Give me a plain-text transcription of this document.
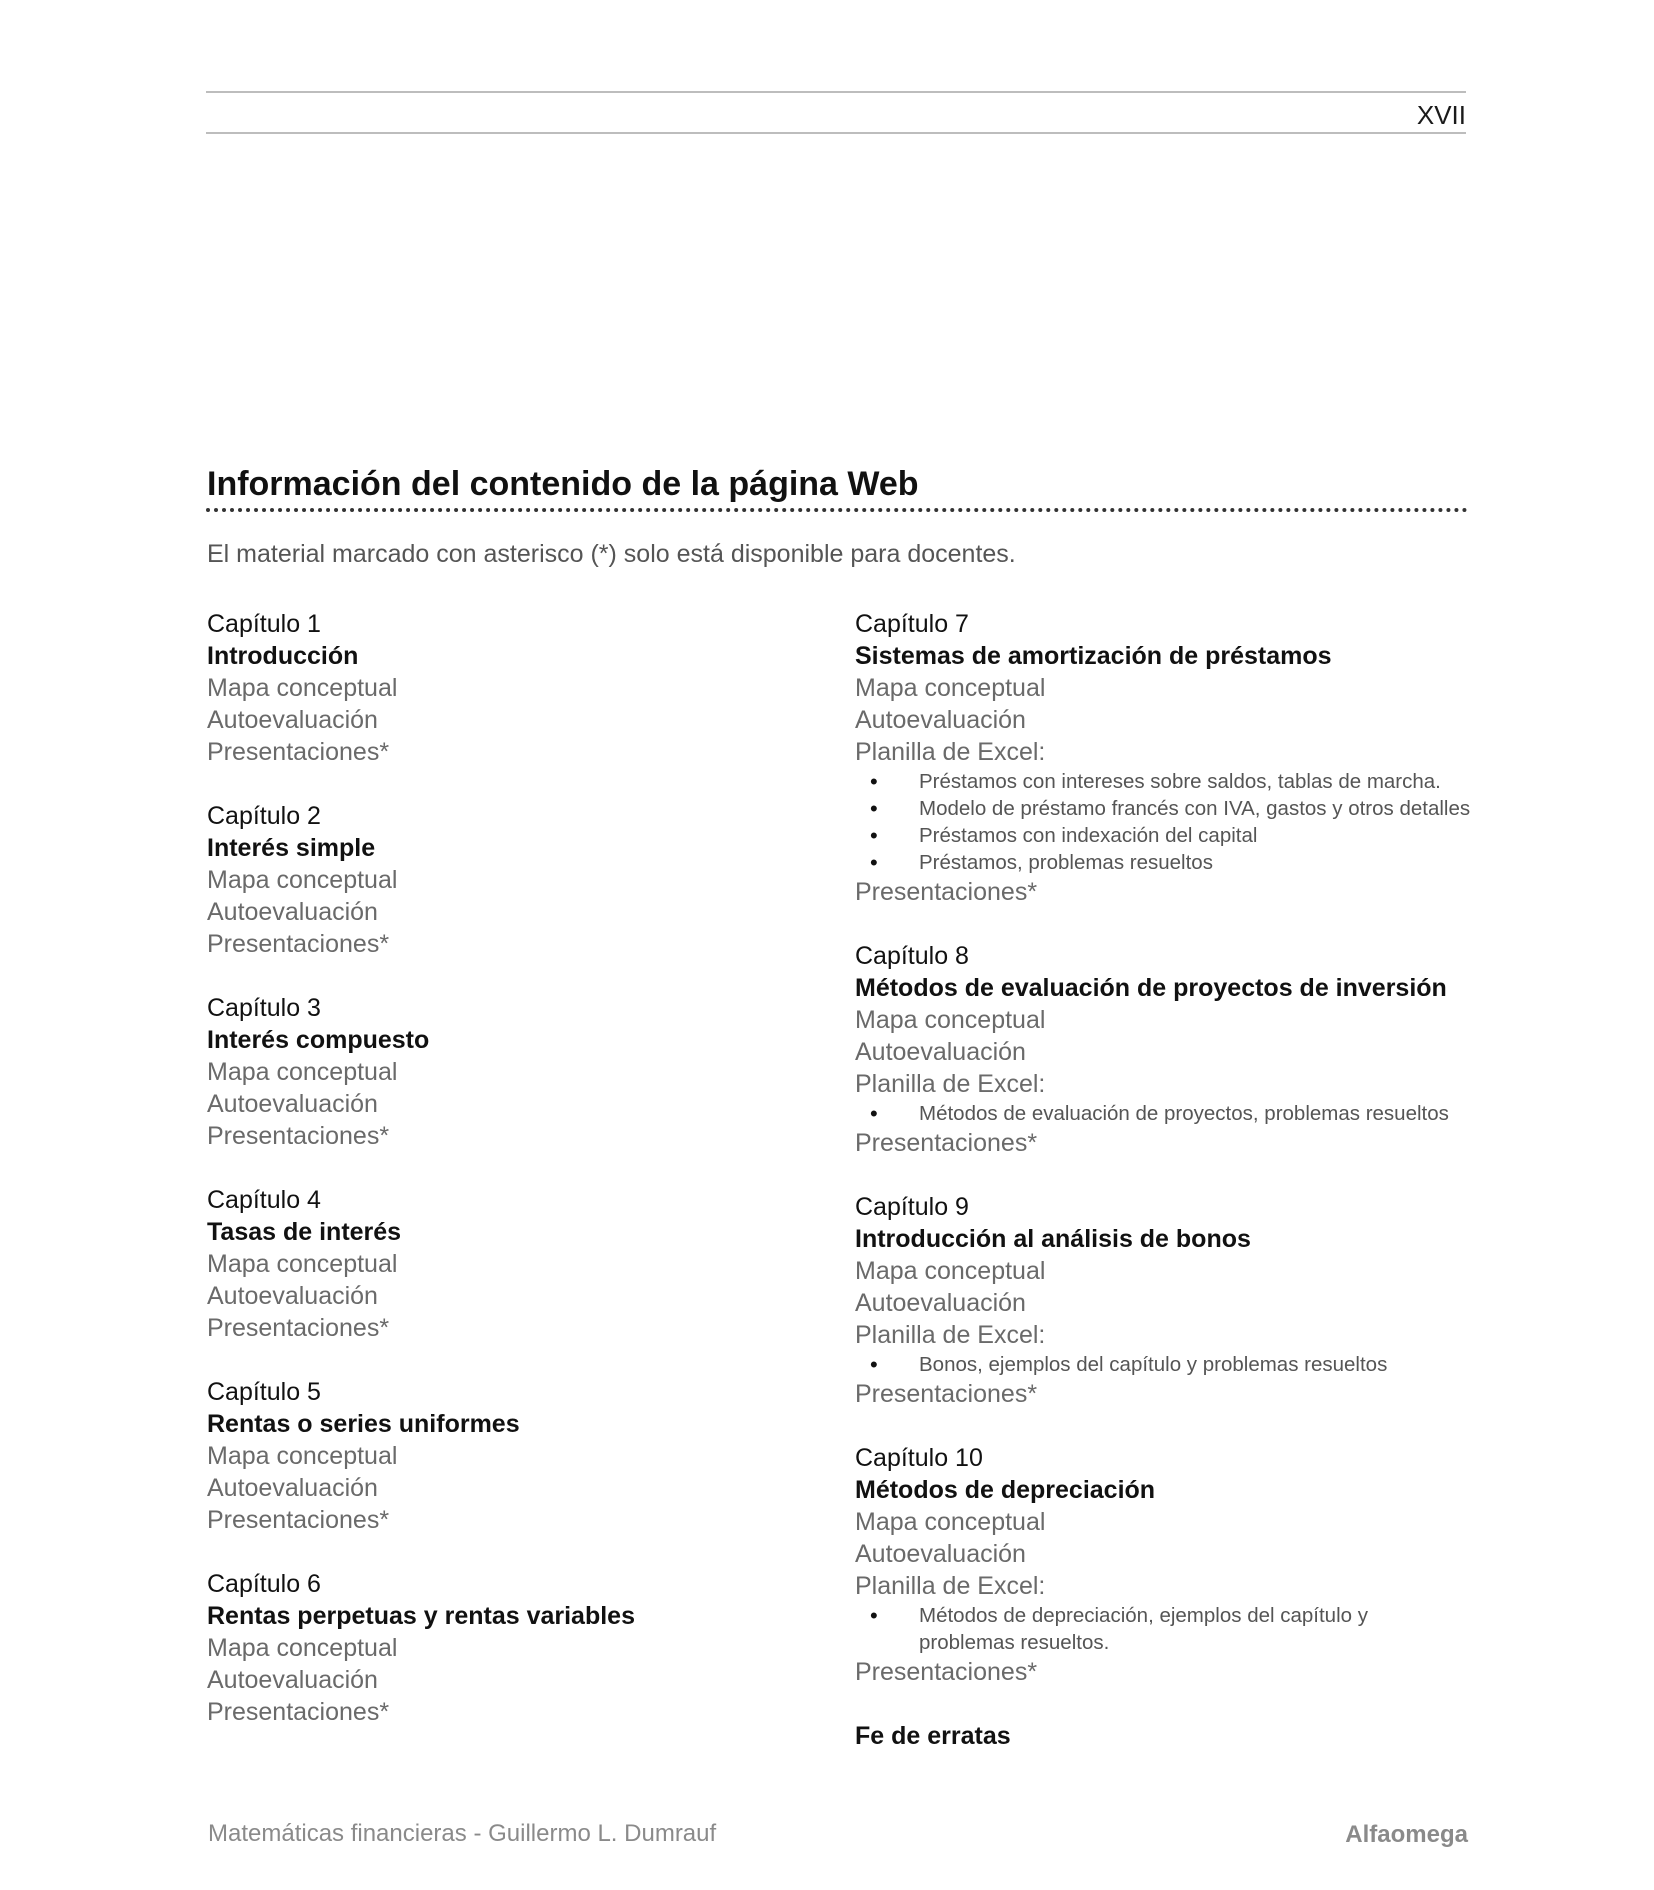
XVII
Información del contenido de la página Web
El material marcado con asterisco (*) solo está disponible para docentes.
Capítulo 1
Introducción
Mapa conceptual
Autoevaluación
Presentaciones*
Capítulo 2
Interés simple
Mapa conceptual
Autoevaluación
Presentaciones*
Capítulo 3
Interés compuesto
Mapa conceptual
Autoevaluación
Presentaciones*
Capítulo 4
Tasas de interés
Mapa conceptual
Autoevaluación
Presentaciones*
Capítulo 5
Rentas o series uniformes
Mapa conceptual
Autoevaluación
Presentaciones*
Capítulo 6
Rentas perpetuas y rentas variables
Mapa conceptual
Autoevaluación
Presentaciones*
Capítulo 7
Sistemas de amortización de préstamos
Mapa conceptual
Autoevaluación
Planilla de Excel:
• Préstamos con intereses sobre saldos, tablas de marcha.
• Modelo de préstamo francés con IVA, gastos y otros detalles
• Préstamos con indexación del capital
• Préstamos, problemas resueltos
Presentaciones*
Capítulo 8
Métodos de evaluación de proyectos de inversión
Mapa conceptual
Autoevaluación
Planilla de Excel:
• Métodos de evaluación de proyectos, problemas resueltos
Presentaciones*
Capítulo 9
Introducción al análisis de bonos
Mapa conceptual
Autoevaluación
Planilla de Excel:
• Bonos, ejemplos del capítulo y problemas resueltos
Presentaciones*
Capítulo 10
Métodos de depreciación
Mapa conceptual
Autoevaluación
Planilla de Excel:
• Métodos de depreciación, ejemplos del capítulo y problemas resueltos.
Presentaciones*
Fe de erratas
Matemáticas financieras - Guillermo L. Dumrauf	Alfaomega
